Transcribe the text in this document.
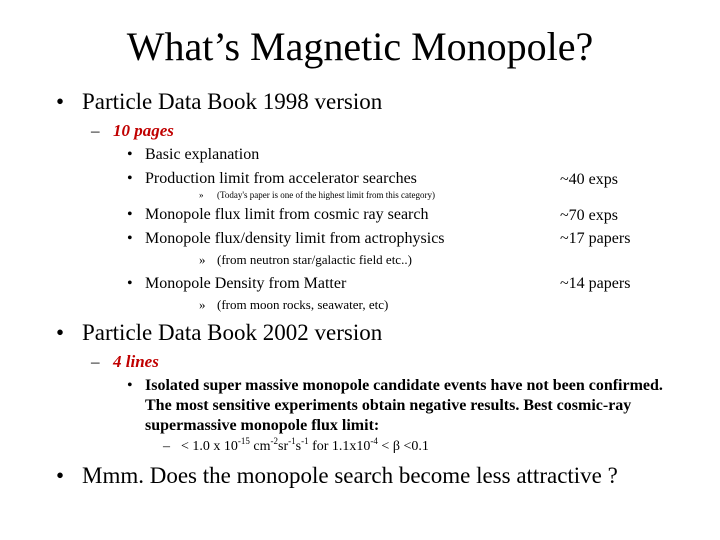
What’s Magnetic Monopole?
• Particle Data Book 1998 version
– 10 pages
• Basic explanation
• Production limit from accelerator searches	~40 exps
» (Today's paper is one of the highest limit from this category)
• Monopole flux limit from cosmic ray search	~70 exps
• Monopole flux/density limit from actrophysics	~17 papers
» (from neutron star/galactic field etc..)
• Monopole Density from Matter	~14 papers
» (from moon rocks, seawater, etc)
• Particle Data Book 2002 version
– 4 lines
• Isolated super massive monopole candidate events have not been confirmed. The most sensitive experiments obtain negative results. Best cosmic-ray supermassive monopole flux limit:
– < 1.0 x $10^{-15}$ $cm^{-2}sr^{-1}s^{-1}$ for $1.1x10^{-4} < \beta <0.1$
• Mmm. Does the monopole search become less attractive ?
